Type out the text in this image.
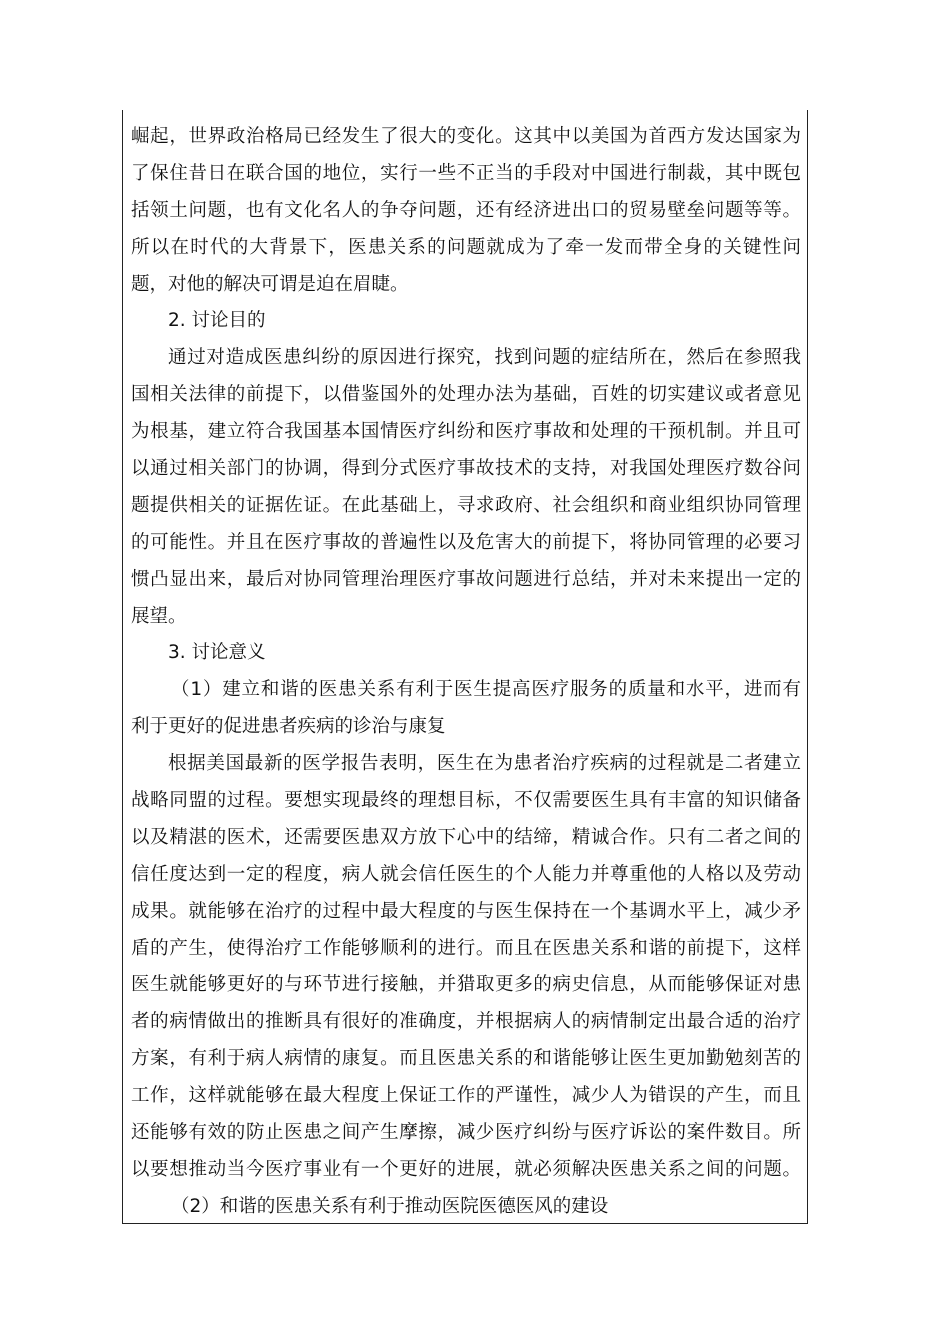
崛起，世界政治格局已经发生了很大的变化。这其中以美国为首西方发达国家为
了保住昔日在联合国的地位，实行一些不正当的手段对中国进行制裁，其中既包
括领土问题，也有文化名人的争夺问题，还有经济进出口的贸易壁垒问题等等。
所以在时代的大背景下，医患关系的问题就成为了牵一发而带全身的关键性问
题，对他的解决可谓是迫在眉睫。
2. 讨论目的
通过对造成医患纠纷的原因进行探究，找到问题的症结所在，然后在参照我
国相关法律的前提下，以借鉴国外的处理办法为基础，百姓的切实建议或者意见
为根基，建立符合我国基本国情医疗纠纷和医疗事故和处理的干预机制。并且可
以通过相关部门的协调，得到分式医疗事故技术的支持，对我国处理医疗数谷问
题提供相关的证据佐证。在此基础上，寻求政府、社会组织和商业组织协同管理
的可能性。并且在医疗事故的普遍性以及危害大的前提下，将协同管理的必要习
惯凸显出来，最后对协同管理治理医疗事故问题进行总结，并对未来提出一定的
展望。
3. 讨论意义
（1）建立和谐的医患关系有利于医生提高医疗服务的质量和水平，进而有
利于更好的促进患者疾病的诊治与康复
根据美国最新的医学报告表明，医生在为患者治疗疾病的过程就是二者建立
战略同盟的过程。要想实现最终的理想目标，不仅需要医生具有丰富的知识储备
以及精湛的医术，还需要医患双方放下心中的结缔，精诚合作。只有二者之间的
信任度达到一定的程度，病人就会信任医生的个人能力并尊重他的人格以及劳动
成果。就能够在治疗的过程中最大程度的与医生保持在一个基调水平上，减少矛
盾的产生，使得治疗工作能够顺利的进行。而且在医患关系和谐的前提下，这样
医生就能够更好的与环节进行接触，并猎取更多的病史信息，从而能够保证对患
者的病情做出的推断具有很好的准确度，并根据病人的病情制定出最合适的治疗
方案，有利于病人病情的康复。而且医患关系的和谐能够让医生更加勤勉刻苦的
工作，这样就能够在最大程度上保证工作的严谨性，减少人为错误的产生，而且
还能够有效的防止医患之间产生摩擦，减少医疗纠纷与医疗诉讼的案件数目。所
以要想推动当今医疗事业有一个更好的进展，就必须解决医患关系之间的问题。
（2）和谐的医患关系有利于推动医院医德医风的建设
